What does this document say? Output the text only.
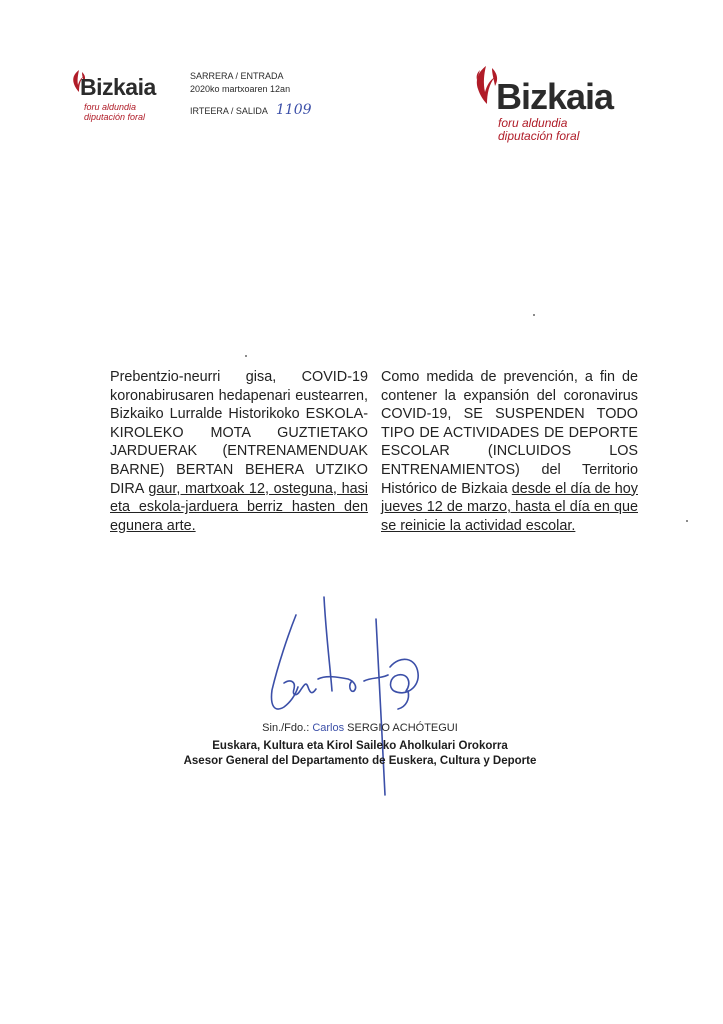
Bizkaia
foru aldundia
diputación foral
SARRERA / ENTRADA
2020ko martxoaren 12an
IRTEERA / SALIDA 1109	Bizkaia
foru aldundia
diputación foral
Prebentzio-neurri gisa, COVID-19 koronabirusaren hedapenari eustearren, Bizkaiko Lurralde Historikoko ESKOLA-KIROLEKO MOTA GUZTIETAKO JARDUERAK (ENTRENAMENDUAK BARNE) BERTAN BEHERA UTZIKO DIRA gaur, martxoak 12, osteguna, hasi eta eskola-jarduera berriz hasten den egunera arte.
Como medida de prevención, a fin de contener la expansión del coronavirus COVID-19, SE SUSPENDEN TODO TIPO DE ACTIVIDADES DE DEPORTE ESCOLAR (INCLUIDOS LOS ENTRENAMIENTOS) del Territorio Histórico de Bizkaia desde el día de hoy jueves 12 de marzo, hasta el día en que se reinicie la actividad escolar.
Sin./Fdo.: Carlos SERGIO ACHÓTEGUI
Euskara, Kultura eta Kirol Saileko Aholkulari Orokorra
Asesor General del Departamento de Euskera, Cultura y Deporte
